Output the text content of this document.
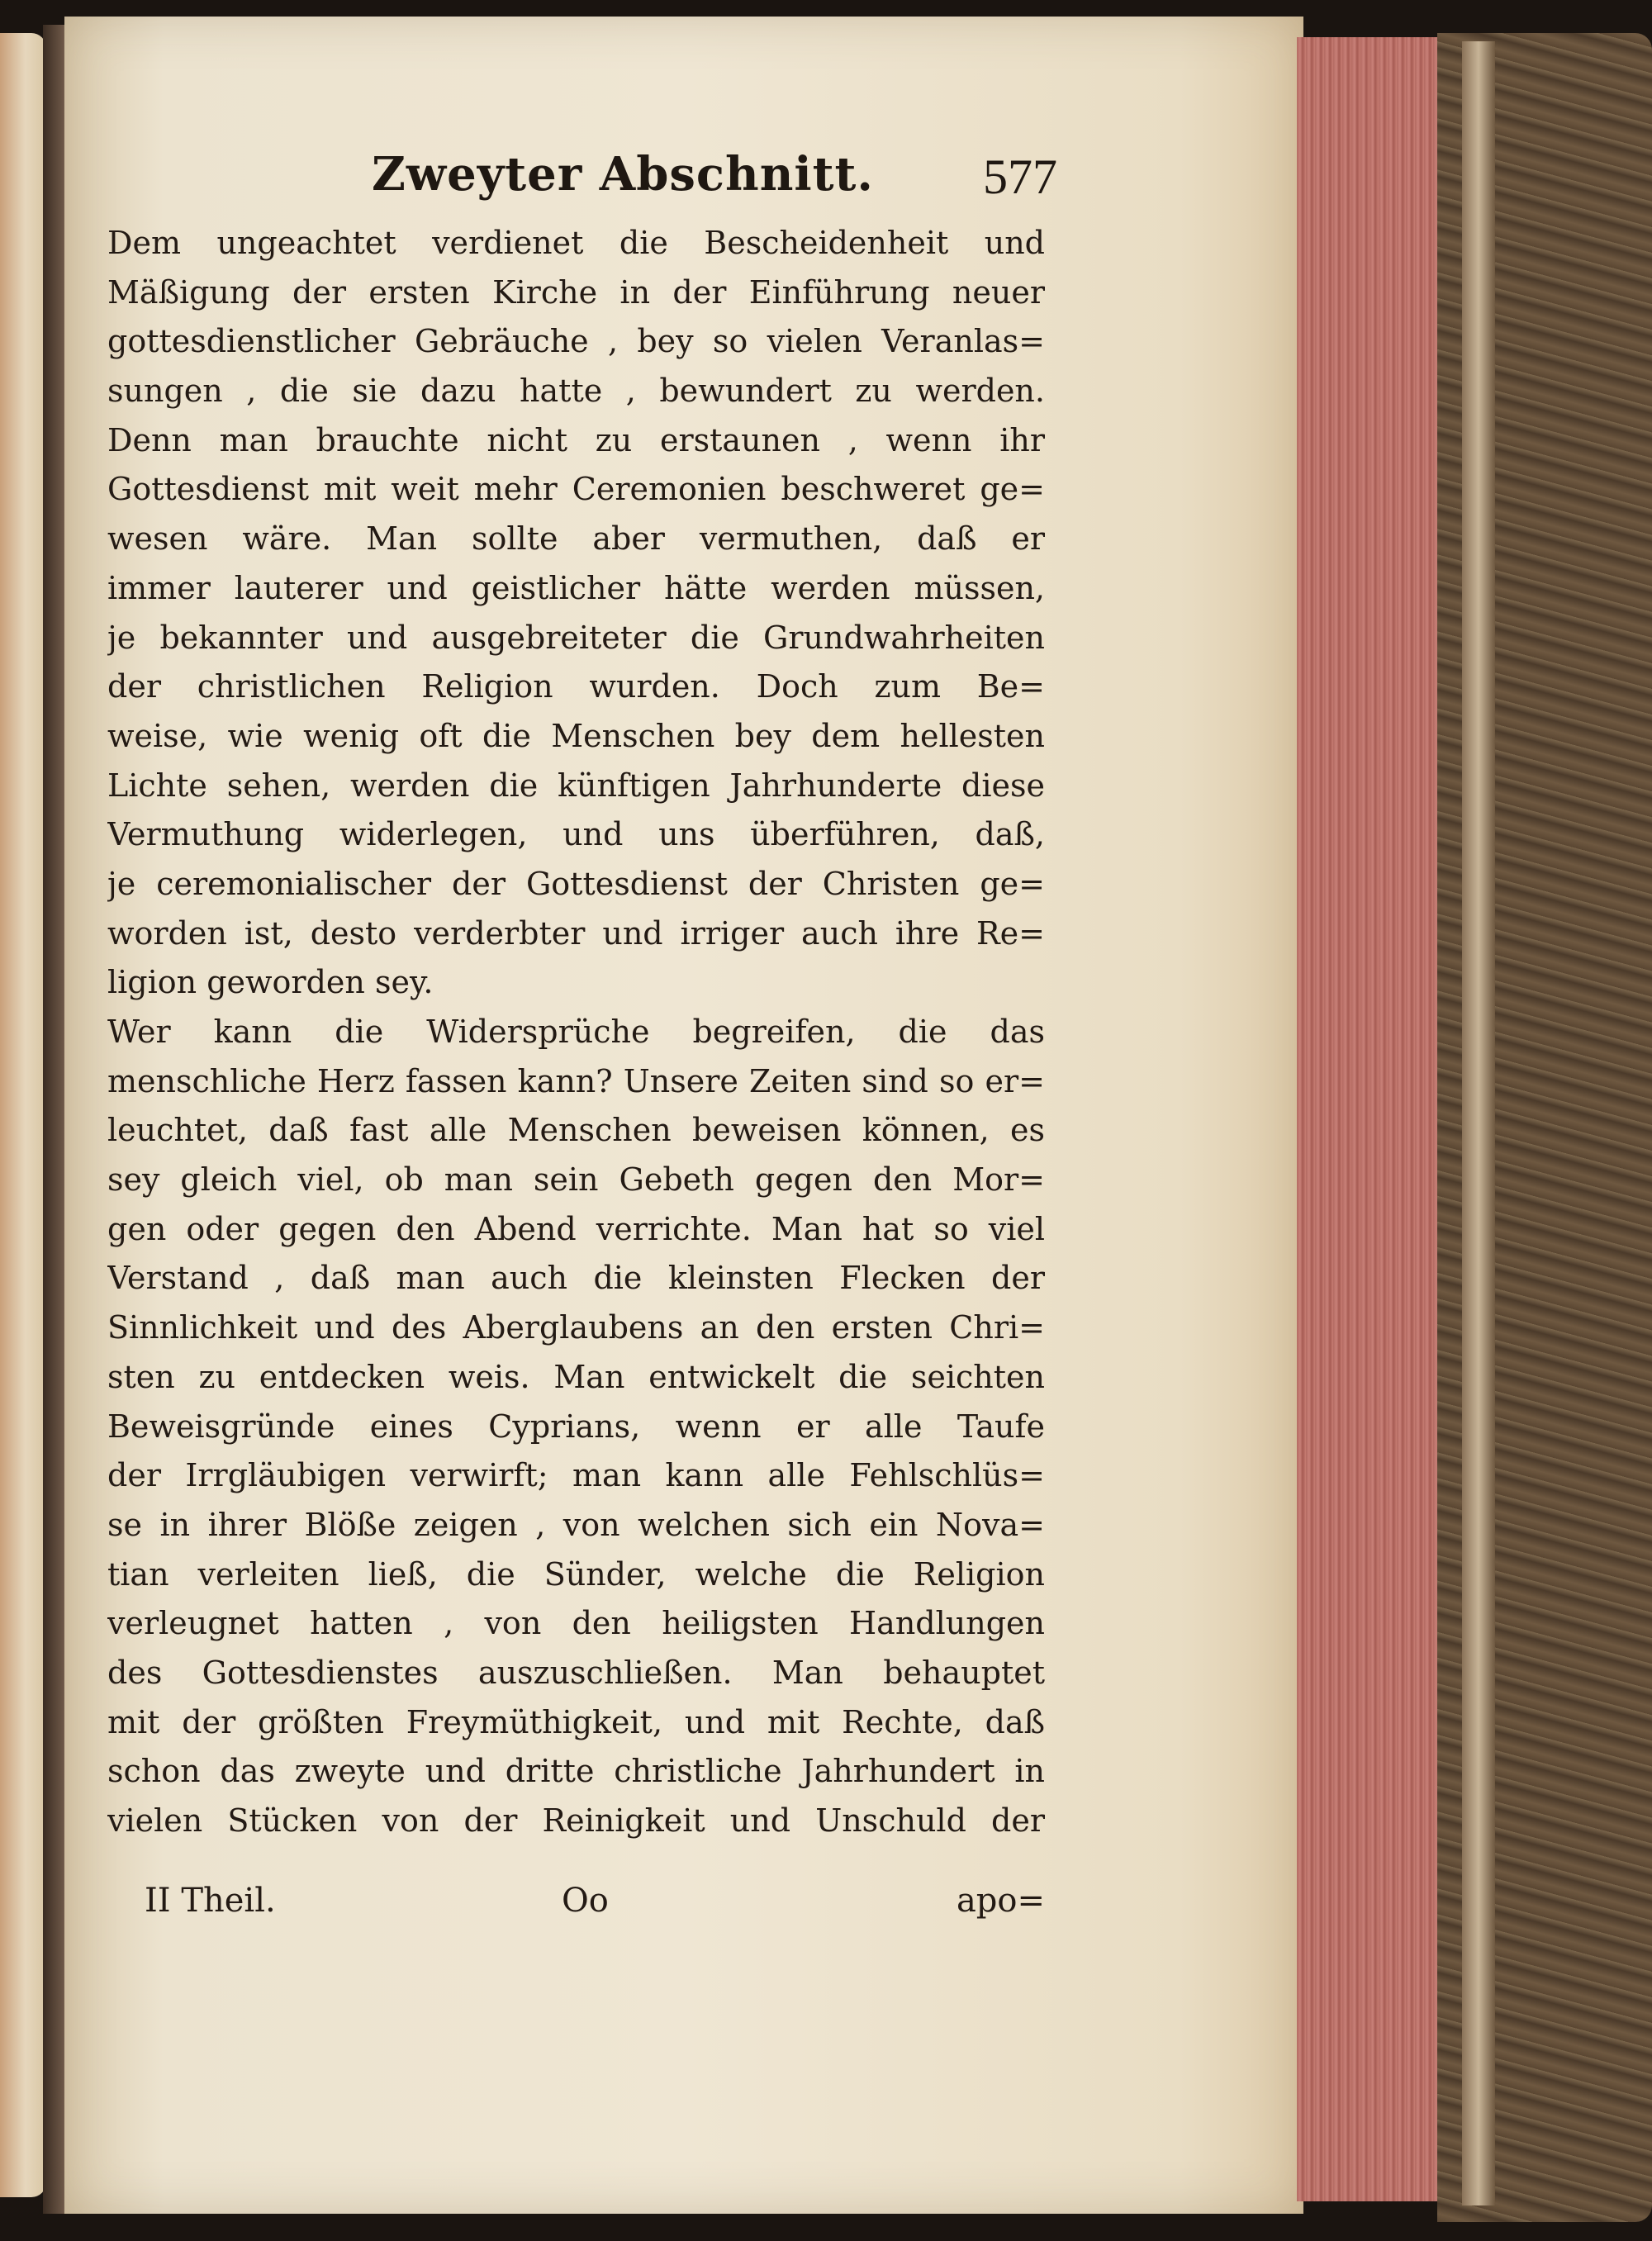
Zweyter Abschnitt. 577
Dem ungeachtet verdienet die Bescheidenheit und
Mäßigung der ersten Kirche in der Einführung neuer
gottesdienstlicher Gebräuche , bey so vielen Veranlas=
sungen , die sie dazu hatte , bewundert zu werden.
Denn man brauchte nicht zu erstaunen , wenn ihr
Gottesdienst mit weit mehr Ceremonien beschweret ge=
wesen wäre. Man sollte aber vermuthen, daß er
immer lauterer und geistlicher hätte werden müssen,
je bekannter und ausgebreiteter die Grundwahrheiten
der christlichen Religion wurden. Doch zum Be=
weise, wie wenig oft die Menschen bey dem hellesten
Lichte sehen, werden die künftigen Jahrhunderte diese
Vermuthung widerlegen, und uns überführen, daß,
je ceremonialischer der Gottesdienst der Christen ge=
worden ist, desto verderbter und irriger auch ihre Re=
ligion geworden sey.
Wer kann die Widersprüche begreifen, die das
menschliche Herz fassen kann? Unsere Zeiten sind so er=
leuchtet, daß fast alle Menschen beweisen können, es
sey gleich viel, ob man sein Gebeth gegen den Mor=
gen oder gegen den Abend verrichte. Man hat so viel
Verstand , daß man auch die kleinsten Flecken der
Sinnlichkeit und des Aberglaubens an den ersten Chri=
sten zu entdecken weis. Man entwickelt die seichten
Beweisgründe eines Cyprians, wenn er alle Taufe
der Irrgläubigen verwirft; man kann alle Fehlschlüs=
se in ihrer Blöße zeigen , von welchen sich ein Nova=
tian verleiten ließ, die Sünder, welche die Religion
verleugnet hatten , von den heiligsten Handlungen
des Gottesdienstes auszuschließen. Man behauptet
mit der größten Freymüthigkeit, und mit Rechte, daß
schon das zweyte und dritte christliche Jahrhundert in
vielen Stücken von der Reinigkeit und Unschuld der
II Theil.	Oo	apo=
